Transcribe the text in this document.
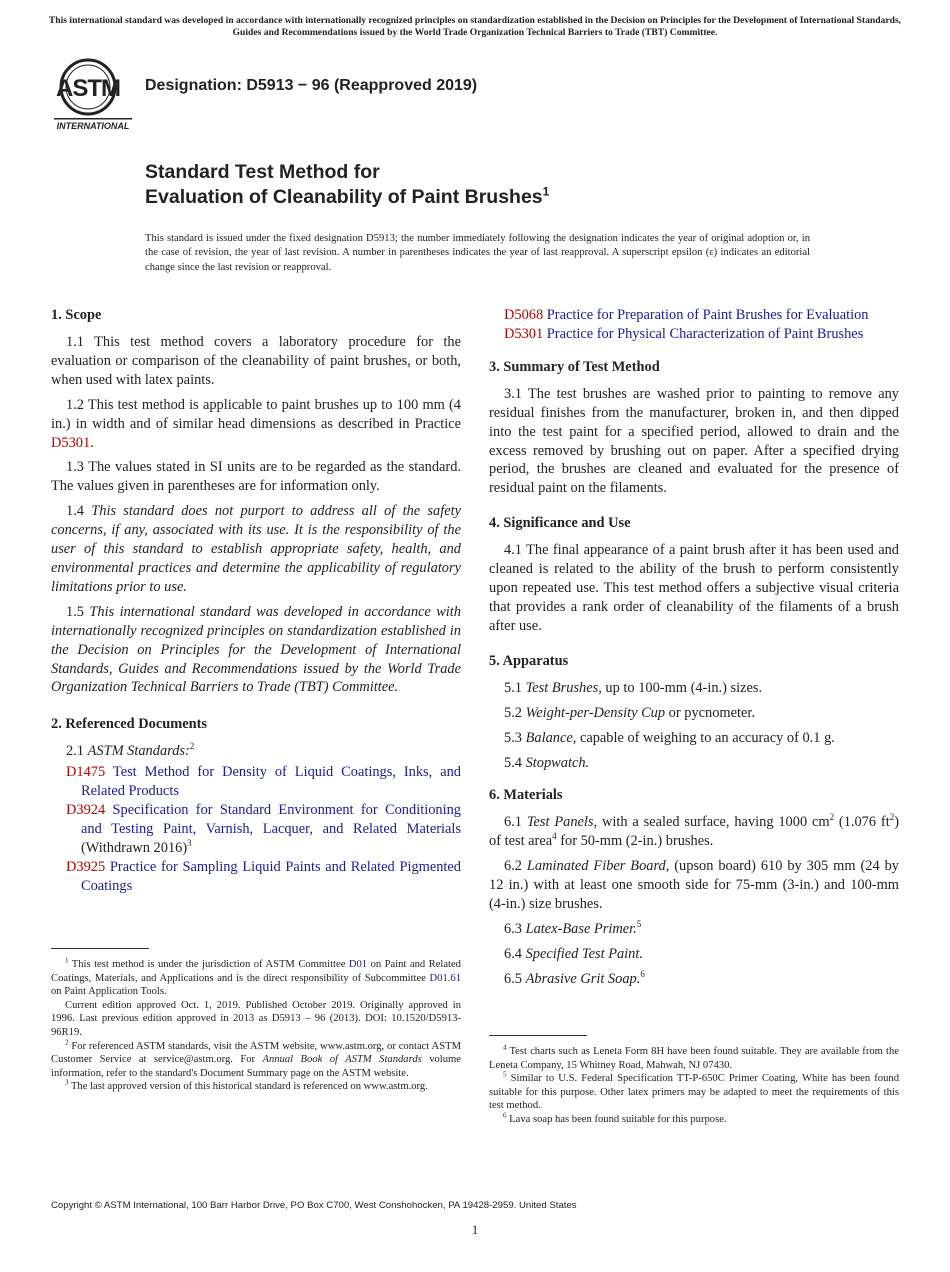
This international standard was developed in accordance with internationally recognized principles on standardization established in the Decision on Principles for the Development of International Standards, Guides and Recommendations issued by the World Trade Organization Technical Barriers to Trade (TBT) Committee.
ASTM
INTERNATIONAL
Designation: D5913 − 96 (Reapproved 2019)
Standard Test Method for
Evaluation of Cleanability of Paint Brushes$^1$
This standard is issued under the fixed designation D5913; the number immediately following the designation indicates the year of original adoption or, in the case of revision, the year of last revision. A number in parentheses indicates the year of last reapproval. A superscript epsilon (ε) indicates an editorial change since the last revision or reapproval.
1. Scope

1.1 This test method covers a laboratory procedure for the evaluation or comparison of the cleanability of paint brushes, or both, when used with latex paints.

1.2 This test method is applicable to paint brushes up to 100 mm (4 in.) in width and of similar head dimensions as described in Practice D5301.

1.3 The values stated in SI units are to be regarded as the standard. The values given in parentheses are for information only.

1.4 This standard does not purport to address all of the safety concerns, if any, associated with its use. It is the responsibility of the user of this standard to establish appropriate safety, health, and environmental practices and determine the applicability of regulatory limitations prior to use.

1.5 This international standard was developed in accordance with internationally recognized principles on standardization established in the Decision on Principles for the Development of International Standards, Guides and Recommendations issued by the World Trade Organization Technical Barriers to Trade (TBT) Committee.

2. Referenced Documents
2.1 ASTM Standards:$^2$
D1475 Test Method for Density of Liquid Coatings, Inks, and Related Products
D3924 Specification for Standard Environment for Conditioning and Testing Paint, Varnish, Lacquer, and Related Materials (Withdrawn 2016)$^3$
D3925 Practice for Sampling Liquid Paints and Related Pigmented Coatings

$^1$ This test method is under the jurisdiction of ASTM Committee D01 on Paint and Related Coatings, Materials, and Applications and is the direct responsibility of Subcommittee D01.61 on Paint Application Tools.

Current edition approved Oct. 1, 2019. Published October 2019. Originally approved in 1996. Last previous edition approved in 2013 as D5913 – 96 (2013). DOI: 10.1520/D5913-96R19.

$^2$ For referenced ASTM standards, visit the ASTM website, www.astm.org, or contact ASTM Customer Service at service@astm.org. For Annual Book of ASTM Standards volume information, refer to the standard's Document Summary page on the ASTM website.

$^3$ The last approved version of this historical standard is referenced on www.astm.org.

D5068 Practice for Preparation of Paint Brushes for Evaluation
D5301 Practice for Physical Characterization of Paint Brushes
3. Summary of Test Method

3.1 The test brushes are washed prior to painting to remove any residual finishes from the manufacturer, broken in, and then dipped into the test paint for a specified period, allowed to drain and the excess removed by brushing out on paper. After a specified drying period, the brushes are cleaned and evaluated for the presence of residual paint on the filaments.

4. Significance and Use

4.1 The final appearance of a paint brush after it has been used and cleaned is related to the ability of the brush to perform consistently upon repeated use. This test method offers a subjective visual criteria that provides a rank order of cleanability of the filaments of a brush after use.

5. Apparatus
5.1 Test Brushes, up to 100-mm (4-in.) sizes.
5.2 Weight-per-Density Cup or pycnometer.
5.3 Balance, capable of weighing to an accuracy of 0.1 g.
5.4 Stopwatch.
6. Materials

6.1 Test Panels, with a sealed surface, having 1000 $cm^2$ (1.076 $ft^2$) of test area$^4$ for 50-mm (2-in.) brushes.

6.2 Laminated Fiber Board, (upson board) 610 by 305 mm (24 by 12 in.) with at least one smooth side for 75-mm (3-in.) and 100-mm (4-in.) size brushes.

6.3 Latex-Base Primer.$^5$

6.4 Specified Test Paint.

6.5 Abrasive Grit Soap.$^6$

$^4$ Test charts such as Leneta Form 8H have been found suitable. They are available from the Leneta Company, 15 Whitney Road, Mahwah, NJ 07430.

$^5$ Similar to U.S. Federal Specification TT-P-650C Primer Coating, White has been found suitable for this purpose. Other latex primers may be adapted to meet the requirements of this test method.

$^6$ Lava soap has been found suitable for this purpose.

Copyright © ASTM International, 100 Barr Harbor Drive, PO Box C700, West Conshohocken, PA 19428-2959. United States
1
